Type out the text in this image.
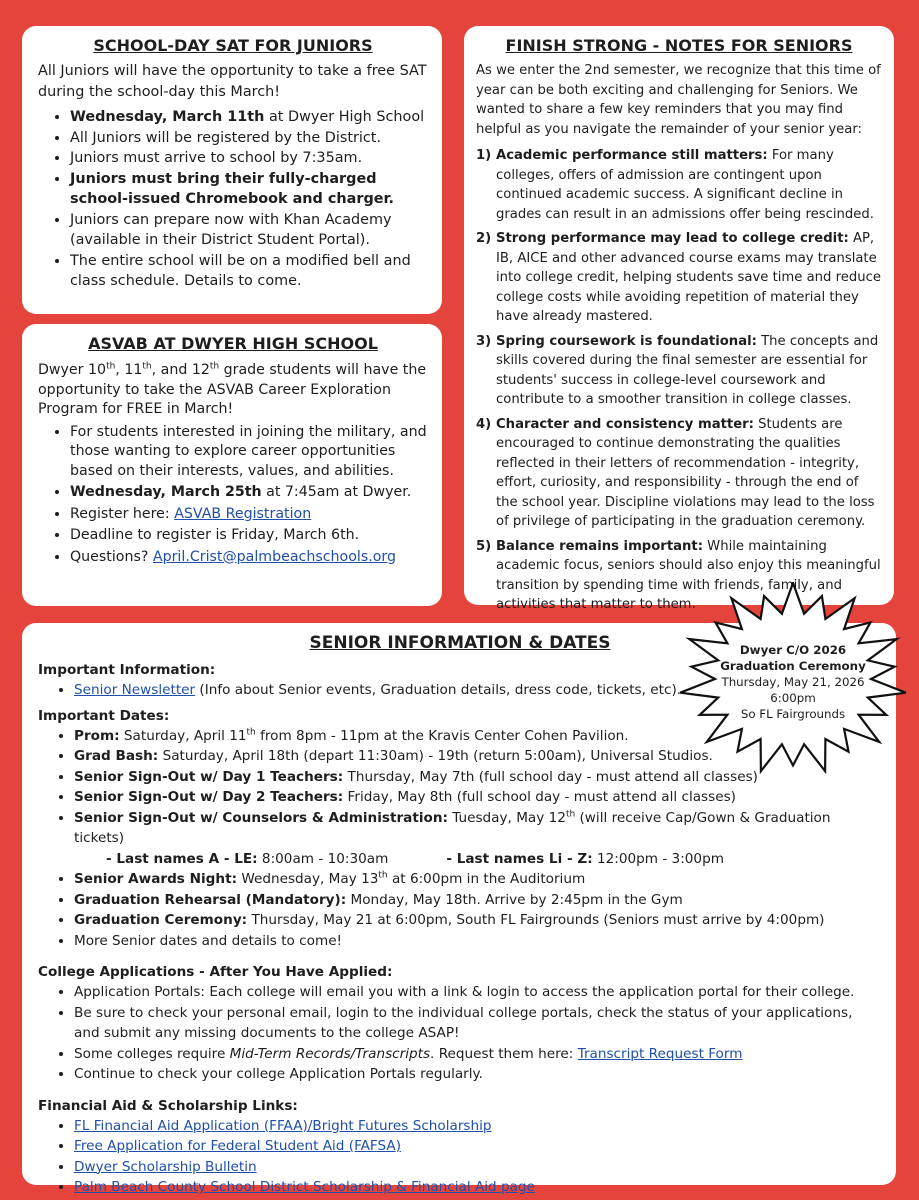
SCHOOL-DAY SAT FOR JUNIORS

All Juniors will have the opportunity to take a free SAT during the school-day this March!

• Wednesday, March 11th at Dwyer High School
• All Juniors will be registered by the District.
• Juniors must arrive to school by 7:35am.
• Juniors must bring their fully-charged school-issued Chromebook and charger.
• Juniors can prepare now with Khan Academy (available in their District Student Portal).
• The entire school will be on a modified bell and class schedule. Details to come.
ASVAB AT DWYER HIGH SCHOOL

Dwyer 10th, 11th, and 12th grade students will have the opportunity to take the ASVAB Career Exploration Program for FREE in March!

• For students interested in joining the military, and those wanting to explore career opportunities based on their interests, values, and abilities.
• Wednesday, March 25th at 7:45am at Dwyer.
• Register here: ASVAB Registration
• Deadline to register is Friday, March 6th.
• Questions? April.Crist@palmbeachschools.org
FINISH STRONG - NOTES FOR SENIORS

As we enter the 2nd semester, we recognize that this time of year can be both exciting and challenging for Seniors. We wanted to share a few key reminders that you may find helpful as you navigate the remainder of your senior year:

1) Academic performance still matters: For many colleges, offers of admission are contingent upon continued academic success. A significant decline in grades can result in an admissions offer being rescinded.
2) Strong performance may lead to college credit: AP, IB, AICE and other advanced course exams may translate into college credit, helping students save time and reduce college costs while avoiding repetition of material they have already mastered.
3) Spring coursework is foundational: The concepts and skills covered during the final semester are essential for students' success in college-level coursework and contribute to a smoother transition in college classes.
4) Character and consistency matter: Students are encouraged to continue demonstrating the qualities reflected in their letters of recommendation - integrity, effort, curiosity, and responsibility - through the end of the school year. Discipline violations may lead to the loss of privilege of participating in the graduation ceremony.
5) Balance remains important: While maintaining academic focus, seniors should also enjoy this meaningful transition by spending time with friends, family, and activities that matter to them.
SENIOR INFORMATION & DATES
Important Information:
• Senior Newsletter (Info about Senior events, Graduation details, dress code, tickets, etc).
Important Dates:
• Prom: Saturday, April 11th from 8pm - 11pm at the Kravis Center Cohen Pavilion.
• Grad Bash: Saturday, April 18th (depart 11:30am) - 19th (return 5:00am), Universal Studios.
• Senior Sign-Out w/ Day 1 Teachers: Thursday, May 7th (full school day - must attend all classes)
• Senior Sign-Out w/ Day 2 Teachers: Friday, May 8th (full school day - must attend all classes)
• Senior Sign-Out w/ Counselors & Administration: Tuesday, May 12th (will receive Cap/Gown & Graduation tickets)
- Last names A - LE: 8:00am - 10:30am	- Last names Li - Z: 12:00pm - 3:00pm
• Senior Awards Night: Wednesday, May 13th at 6:00pm in the Auditorium
• Graduation Rehearsal (Mandatory): Monday, May 18th. Arrive by 2:45pm in the Gym
• Graduation Ceremony: Thursday, May 21 at 6:00pm, South FL Fairgrounds (Seniors must arrive by 4:00pm)
• More Senior dates and details to come!
College Applications - After You Have Applied:
• Application Portals: Each college will email you with a link & login to access the application portal for their college.
• Be sure to check your personal email, login to the individual college portals, check the status of your applications, and submit any missing documents to the college ASAP!
• Some colleges require Mid-Term Records/Transcripts. Request them here: Transcript Request Form
• Continue to check your college Application Portals regularly.
Financial Aid & Scholarship Links:
• FL Financial Aid Application (FFAA)/Bright Futures Scholarship
• Free Application for Federal Student Aid (FAFSA)
• Dwyer Scholarship Bulletin
• Palm Beach County School District Scholarship & Financial Aid page
Dwyer C/O 2026
Graduation Ceremony
Thursday, May 21, 2026
6:00pm
So FL Fairgrounds
